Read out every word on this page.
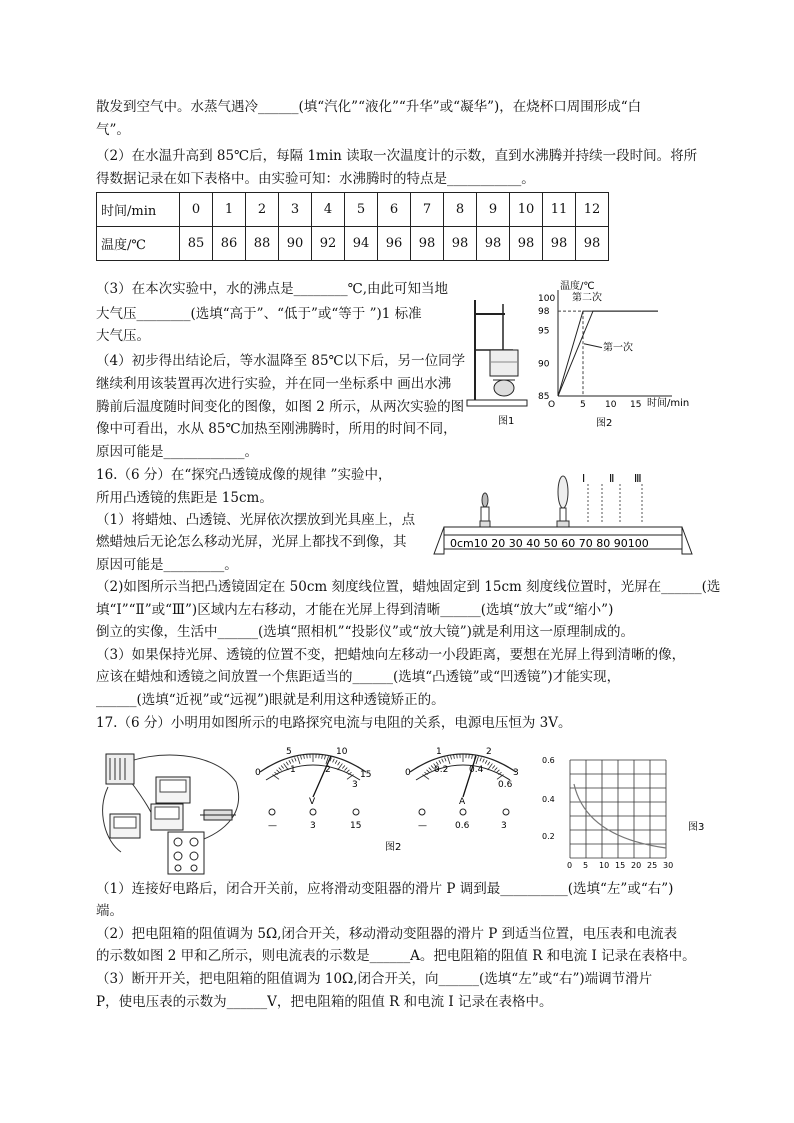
散发到空气中。水蒸气遇冷______(填“汽化”“液化”“升华”或“凝华”)，在烧杯口周围形成“白
气”。
（2）在水温升高到 85℃后，每隔 1min 读取一次温度计的示数，直到水沸腾并持续一段时间。将所
得数据记录在如下表格中。由实验可知：水沸腾时的特点是___________。
时间/min	0	1	2	3	4	5	6	7	8	9	10	11	12
温度/℃	85	86	88	90	92	94	96	98	98	98	98	98	98
（3）在本次实验中，水的沸点是________℃,由此可知当地
大气压________(选填“高于”、“低于”或“等于 ”)1 标准
大气压。
（4）初步得出结论后，等水温降至 85℃以下后，另一位同学
继续利用该装置再次进行实验，并在同一坐标系中 画出水沸
腾前后温度随时间变化的图像，如图 2 所示，从两次实验的图
像中可看出，水从 85℃加热至刚沸腾时，所用的时间不同，
原因可能是____________。
图1
温度/℃
时间/min
100
98
95
90
85
O	5 10 15
第一次
第二次
图2
16.（6 分）在“探究凸透镜成像的规律 ”实验中，
所用凸透镜的焦距是 15cm。
（1）将蜡烛、凸透镜、光屏依次摆放到光具座上，点
燃蜡烛后无论怎么移动光屏，光屏上都找不到像，其
原因可能是_________。
Ⅰ Ⅱ Ⅲ
0cm10 20 30 40 50 60 70 80 90100
（2)如图所示当把凸透镜固定在 50cm 刻度线位置，蜡烛固定到 15cm 刻度线位置时，光屏在______(选
填“Ⅰ”“Ⅱ”或“Ⅲ”)区域内左右移动，才能在光屏上得到清晰______(选填“放大”或“缩小”)
倒立的实像，生活中______(选填“照相机”“投影仪”或“放大镜”)就是利用这一原理制成的。
（3）如果保持光屏、透镜的位置不变，把蜡烛向左移动一小段距离，要想在光屏上得到清晰的像，
应该在蜡烛和透镜之间放置一个焦距适当的______(选填“凸透镜”或“凹透镜”)才能实现，
______(选填“近视”或“远视”)眼就是利用这种透镜矫正的。
17.（6 分）小明用如图所示的电路探究电流与电阻的关系，电源电压恒为 3V。
5	10
15
0	1	2
3
V
—	3	15
1	2
3
0	0.2 0.4
0.6
A
—	0.6	3
图2
0 5 10 15 20 25 30
0.6
0.4
0.2
图3
（1）连接好电路后，闭合开关前，应将滑动变阻器的滑片 P 调到最__________(选填“左”或“右”)
端。
（2）把电阻箱的阻值调为 5Ω,闭合开关，移动滑动变阻器的滑片 P 到适当位置，电压表和电流表
的示数如图 2 甲和乙所示，则电流表的示数是______A。把电阻箱的阻值 R 和电流 I 记录在表格中。
（3）断开开关，把电阻箱的阻值调为 10Ω,闭合开关，向______(选填“左”或“右”)端调节滑片
P，使电压表的示数为______V，把电阻箱的阻值 R 和电流 I 记录在表格中。
